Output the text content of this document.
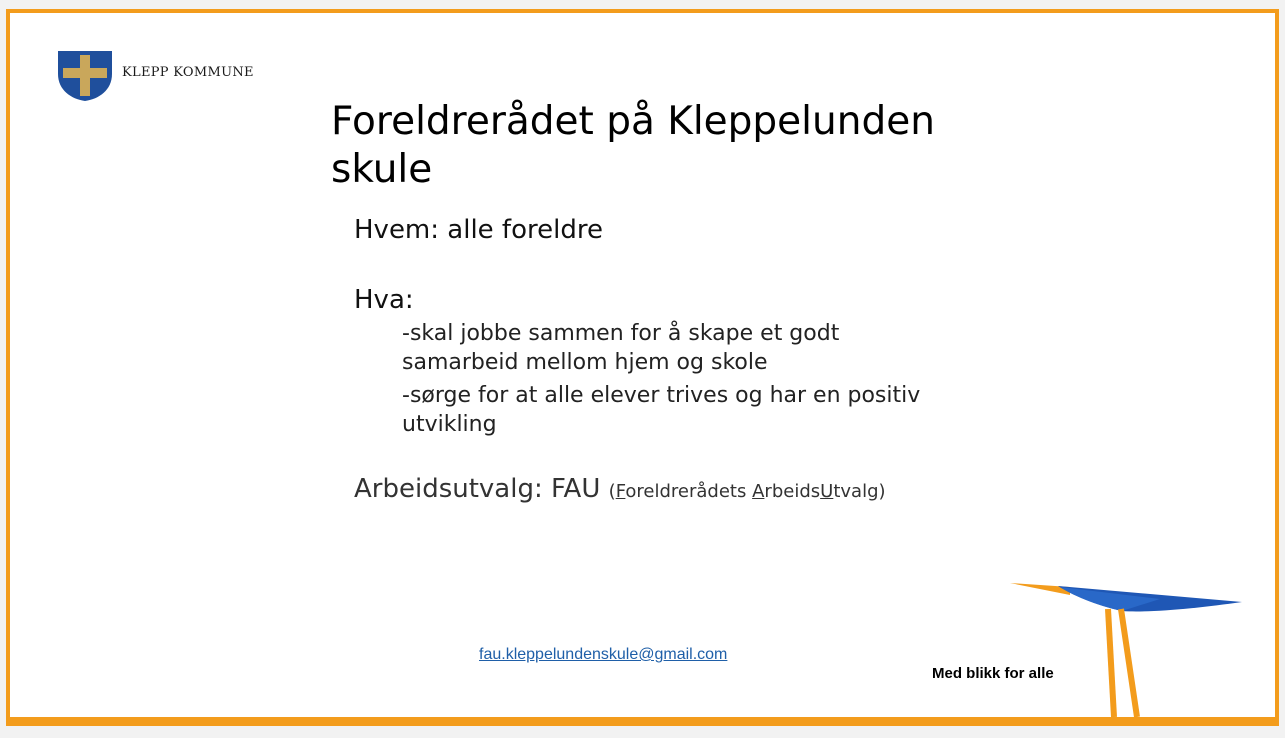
KLEPP KOMMUNE
Foreldrerådet på Kleppelunden skule

Hvem: alle foreldre

Hva:

-skal jobbe sammen for å skape et godt samarbeid mellom hjem og skole
-sørge for at alle elever trives og har en positiv utvikling

Arbeidsutvalg: FAU (Foreldrerådets ArbeidsUtvalg)

fau.kleppelundenskule@gmail.com
Med blikk for alle
